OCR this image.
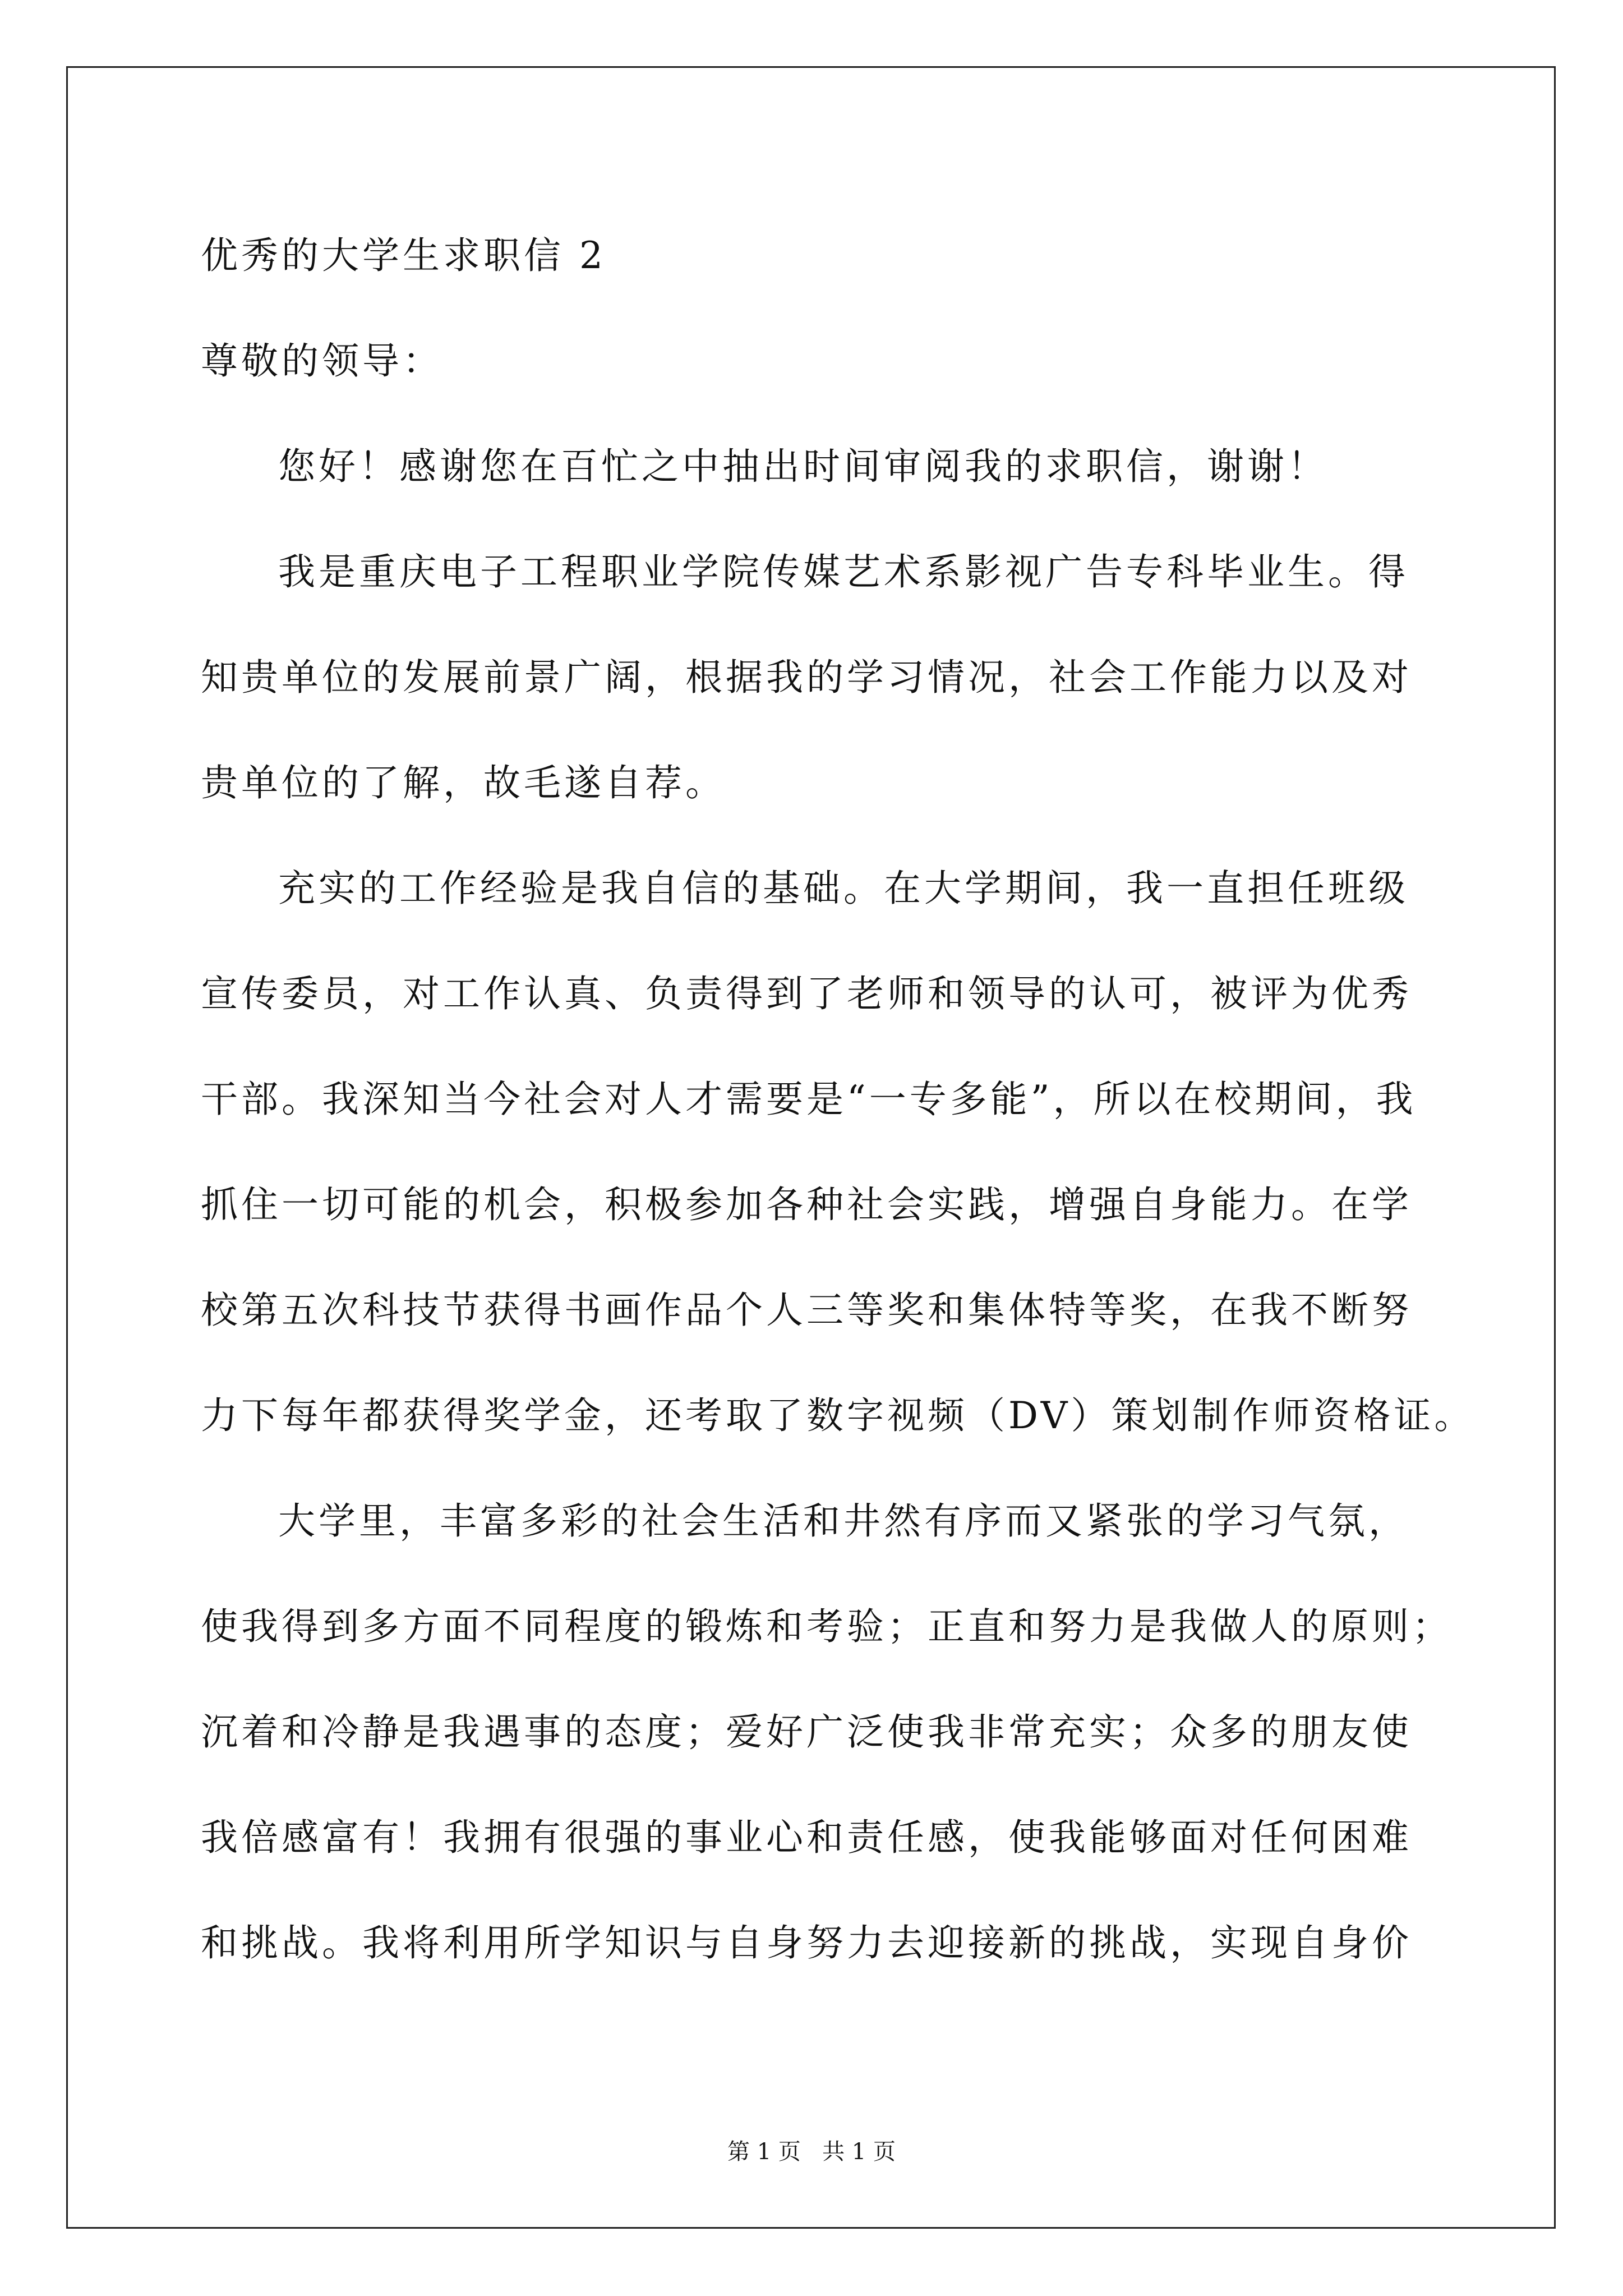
优秀的大学生求职信 2
尊敬的领导：
您好！感谢您在百忙之中抽出时间审阅我的求职信，谢谢！
我是重庆电子工程职业学院传媒艺术系影视广告专科毕业生。得
知贵单位的发展前景广阔，根据我的学习情况，社会工作能力以及对
贵单位的了解，故毛遂自荐。
充实的工作经验是我自信的基础。在大学期间，我一直担任班级
宣传委员，对工作认真、负责得到了老师和领导的认可，被评为优秀
干部。我深知当今社会对人才需要是“一专多能”，所以在校期间，我
抓住一切可能的机会，积极参加各种社会实践，增强自身能力。在学
校第五次科技节获得书画作品个人三等奖和集体特等奖，在我不断努
力下每年都获得奖学金，还考取了数字视频（DV）策划制作师资格证。
大学里，丰富多彩的社会生活和井然有序而又紧张的学习气氛，
使我得到多方面不同程度的锻炼和考验；正直和努力是我做人的原则；
沉着和冷静是我遇事的态度；爱好广泛使我非常充实；众多的朋友使
我倍感富有！我拥有很强的事业心和责任感，使我能够面对任何困难
和挑战。我将利用所学知识与自身努力去迎接新的挑战，实现自身价
第 1 页   共 1 页
